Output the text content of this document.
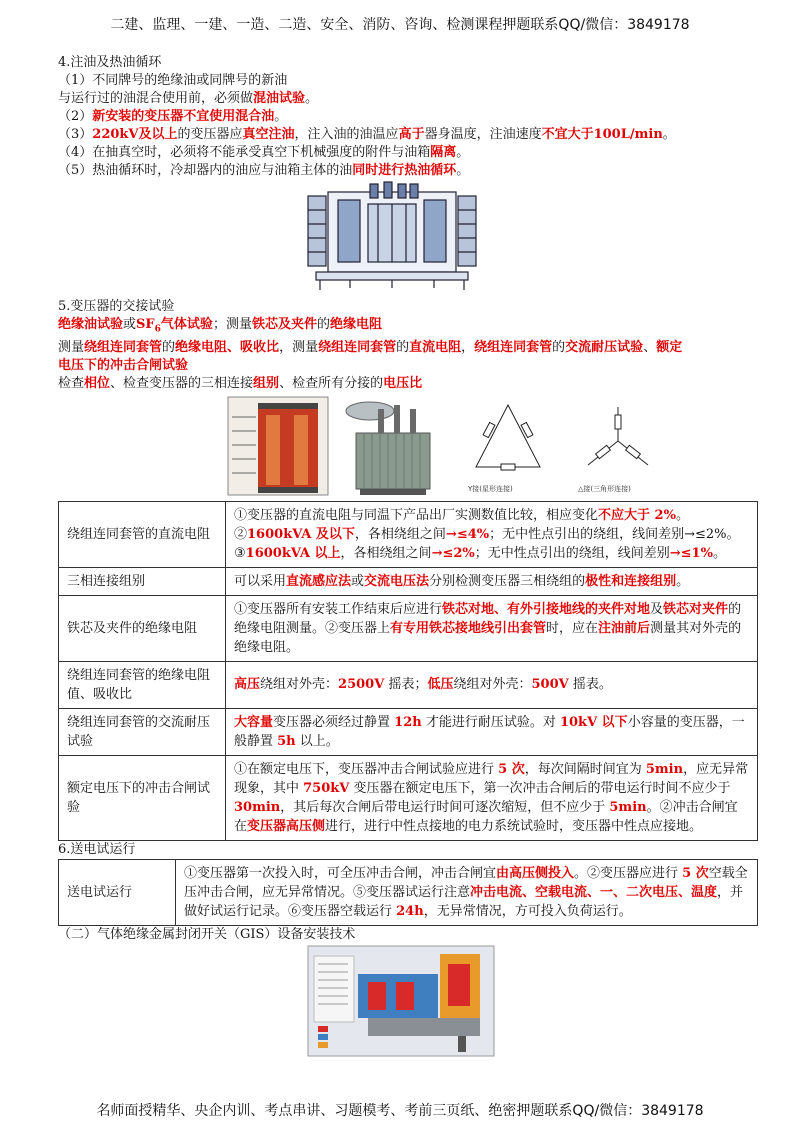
二建、监理、一建、一造、二造、安全、消防、咨询、检测课程押题联系QQ/微信：3849178
4.注油及热油循环
（1）不同牌号的绝缘油或同牌号的新油
与运行过的油混合使用前，必须做混油试验。
（2）新安装的变压器不宜使用混合油。
（3）220kV及以上的变压器应真空注油，注入油的油温应高于器身温度，注油速度不宜大于100L/min。
（4）在抽真空时，必须将不能承受真空下机械强度的附件与油箱隔离。
（5）热油循环时，冷却器内的油应与油箱主体的油同时进行热油循环。
5.变压器的交接试验
绝缘油试验或$SF_6$气体试验；测量铁芯及夹件的绝缘电阻
测量绕组连同套管的绝缘电阻、吸收比，测量绕组连同套管的直流电阻，绕组连同套管的交流耐压试验、额定
电压下的冲击合闸试验
检查相位、检查变压器的三相连接组别、检查所有分接的电压比
Y接(星形连接)	△接(三角形连接)
绕组连同套管的直流电阻	①变压器的直流电阻与同温下产品出厂实测数值比较，相应变化不应大于 2%。②1600kVA 及以下，各相绕组之间→≤4%；无中性点引出的绕组，线间差别→≤2%。
③1600kVA 以上，各相绕组之间→≤2%；无中性点引出的绕组，线间差别→≤1%。
三相连接组别	可以采用直流感应法或交流电压法分别检测变压器三相绕组的极性和连接组别。
铁芯及夹件的绝缘电阻	①变压器所有安装工作结束后应进行铁芯对地、有外引接地线的夹件对地及铁芯对夹件的绝缘电阻测量。②变压器上有专用铁芯接地线引出套管时，应在注油前后测量其对外壳的绝缘电阻。
绕组连同套管的绝缘电阻值、吸收比	高压绕组对外壳：2500V 摇表；低压绕组对外壳：500V 摇表。
绕组连同套管的交流耐压试验	大容量变压器必须经过静置 12h 才能进行耐压试验。对 10kV 以下小容量的变压器，一般静置 5h 以上。
额定电压下的冲击合闸试验	①在额定电压下，变压器冲击合闸试验应进行 5 次，每次间隔时间宜为 5min，应无异常现象，其中 750kV 变压器在额定电压下，第一次冲击合闸后的带电运行时间不应少于 30min，其后每次合闸后带电运行时间可逐次缩短，但不应少于 5min。②冲击合闸宜在变压器高压侧进行，进行中性点接地的电力系统试验时，变压器中性点应接地。
6.送电试运行
送电试运行	①变压器第一次投入时，可全压冲击合闸，冲击合闸宜由高压侧投入。②变压器应进行 5 次空载全压冲击合闸，应无异常情况。⑤变压器试运行注意冲击电流、空载电流、一、二次电压、温度，并做好试运行记录。⑥变压器空载运行 24h，无异常情况，方可投入负荷运行。
（二）气体绝缘金属封闭开关（GIS）设备安装技术
名师面授精华、央企内训、考点串讲、习题模考、考前三页纸、绝密押题联系QQ/微信：3849178
